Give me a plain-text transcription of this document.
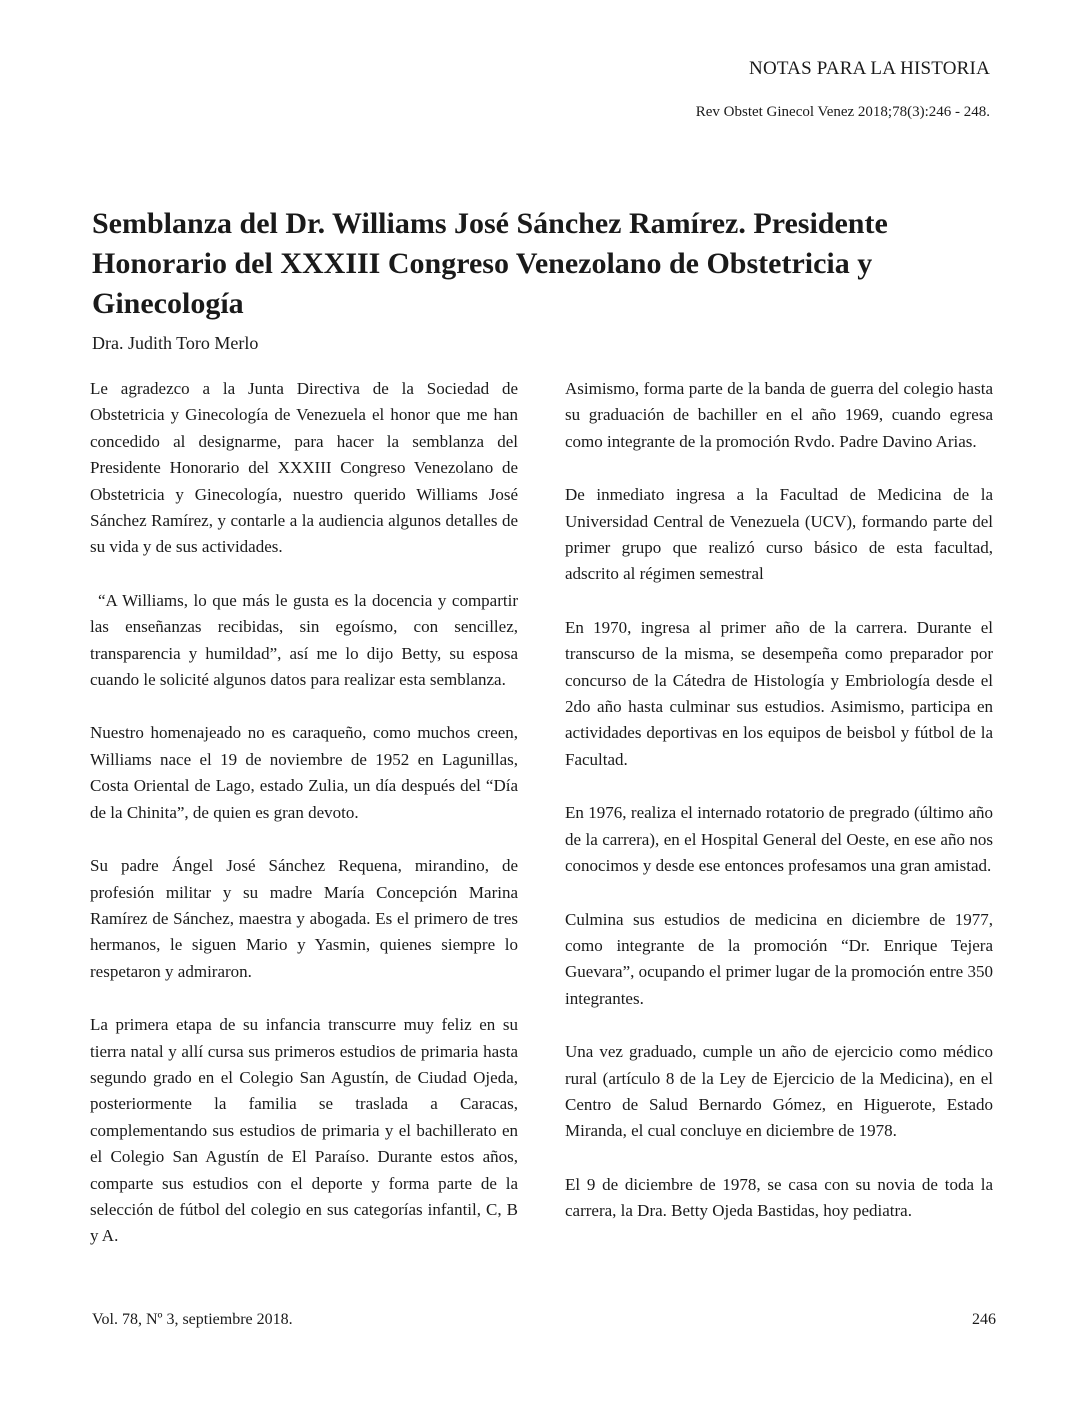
NOTAS PARA LA HISTORIA
Rev Obstet Ginecol Venez 2018;78(3):246 - 248.
Semblanza del Dr. Williams José Sánchez Ramírez. Presidente Honorario del XXXIII Congreso Venezolano de Obstetricia y Ginecología
Dra. Judith Toro Merlo

Le agradezco a la Junta Directiva de la Sociedad de Obstetricia y Ginecología de Venezuela el honor que me han concedido al designarme, para hacer la semblanza del Presidente Honorario del XXXIII Congreso Venezolano de Obstetricia y Ginecología, nuestro querido Williams José Sánchez Ramírez, y contarle a la audiencia algunos detalles de su vida y de sus actividades.

“A Williams, lo que más le gusta es la docencia y compartir las enseñanzas recibidas, sin egoísmo, con sencillez, transparencia y humildad”, así me lo dijo Betty, su esposa cuando le solicité algunos datos para realizar esta semblanza.

Nuestro homenajeado no es caraqueño, como muchos creen, Williams nace el 19 de noviembre de 1952 en Lagunillas, Costa Oriental de Lago, estado Zulia, un día después del “Día de la Chinita”, de quien es gran devoto.

Su padre Ángel José Sánchez Requena, mirandino, de profesión militar y su madre María Concepción Marina Ramírez de Sánchez, maestra y abogada. Es el primero de tres hermanos, le siguen Mario y Yasmin, quienes siempre lo respetaron y admiraron.

La primera etapa de su infancia transcurre muy feliz en su tierra natal y allí cursa sus primeros estudios de primaria hasta segundo grado en el Colegio San Agustín, de Ciudad Ojeda, posteriormente la familia se traslada a Caracas, complementando sus estudios de primaria y el bachillerato en el Colegio San Agustín de El Paraíso. Durante estos años, comparte sus estudios con el deporte y forma parte de la selección de fútbol del colegio en sus categorías infantil, C, B y A.

Asimismo, forma parte de la banda de guerra del colegio hasta su graduación de bachiller en el año 1969, cuando egresa como integrante de la promoción Rvdo. Padre Davino Arias.

De inmediato ingresa a la Facultad de Medicina de la Universidad Central de Venezuela (UCV), formando parte del primer grupo que realizó curso básico de esta facultad, adscrito al régimen semestral

En 1970, ingresa al primer año de la carrera. Durante el transcurso de la misma, se desempeña como preparador por concurso de la Cátedra de Histología y Embriología desde el 2do año hasta culminar sus estudios. Asimismo, participa en actividades deportivas en los equipos de beisbol y fútbol de la Facultad.

En 1976, realiza el internado rotatorio de pregrado (último año de la carrera), en el Hospital General del Oeste, en ese año nos conocimos y desde ese entonces profesamos una gran amistad.

Culmina sus estudios de medicina en diciembre de 1977, como integrante de la promoción “Dr. Enrique Tejera Guevara”, ocupando el primer lugar de la promoción entre 350 integrantes.

Una vez graduado, cumple un año de ejercicio como médico rural (artículo 8 de la Ley de Ejercicio de la Medicina), en el Centro de Salud Bernardo Gómez, en Higuerote, Estado Miranda, el cual concluye en diciembre de 1978.

El 9 de diciembre de 1978, se casa con su novia de toda la carrera, la Dra. Betty Ojeda Bastidas, hoy pediatra.

Vol. 78, Nº 3, septiembre 2018.	246
